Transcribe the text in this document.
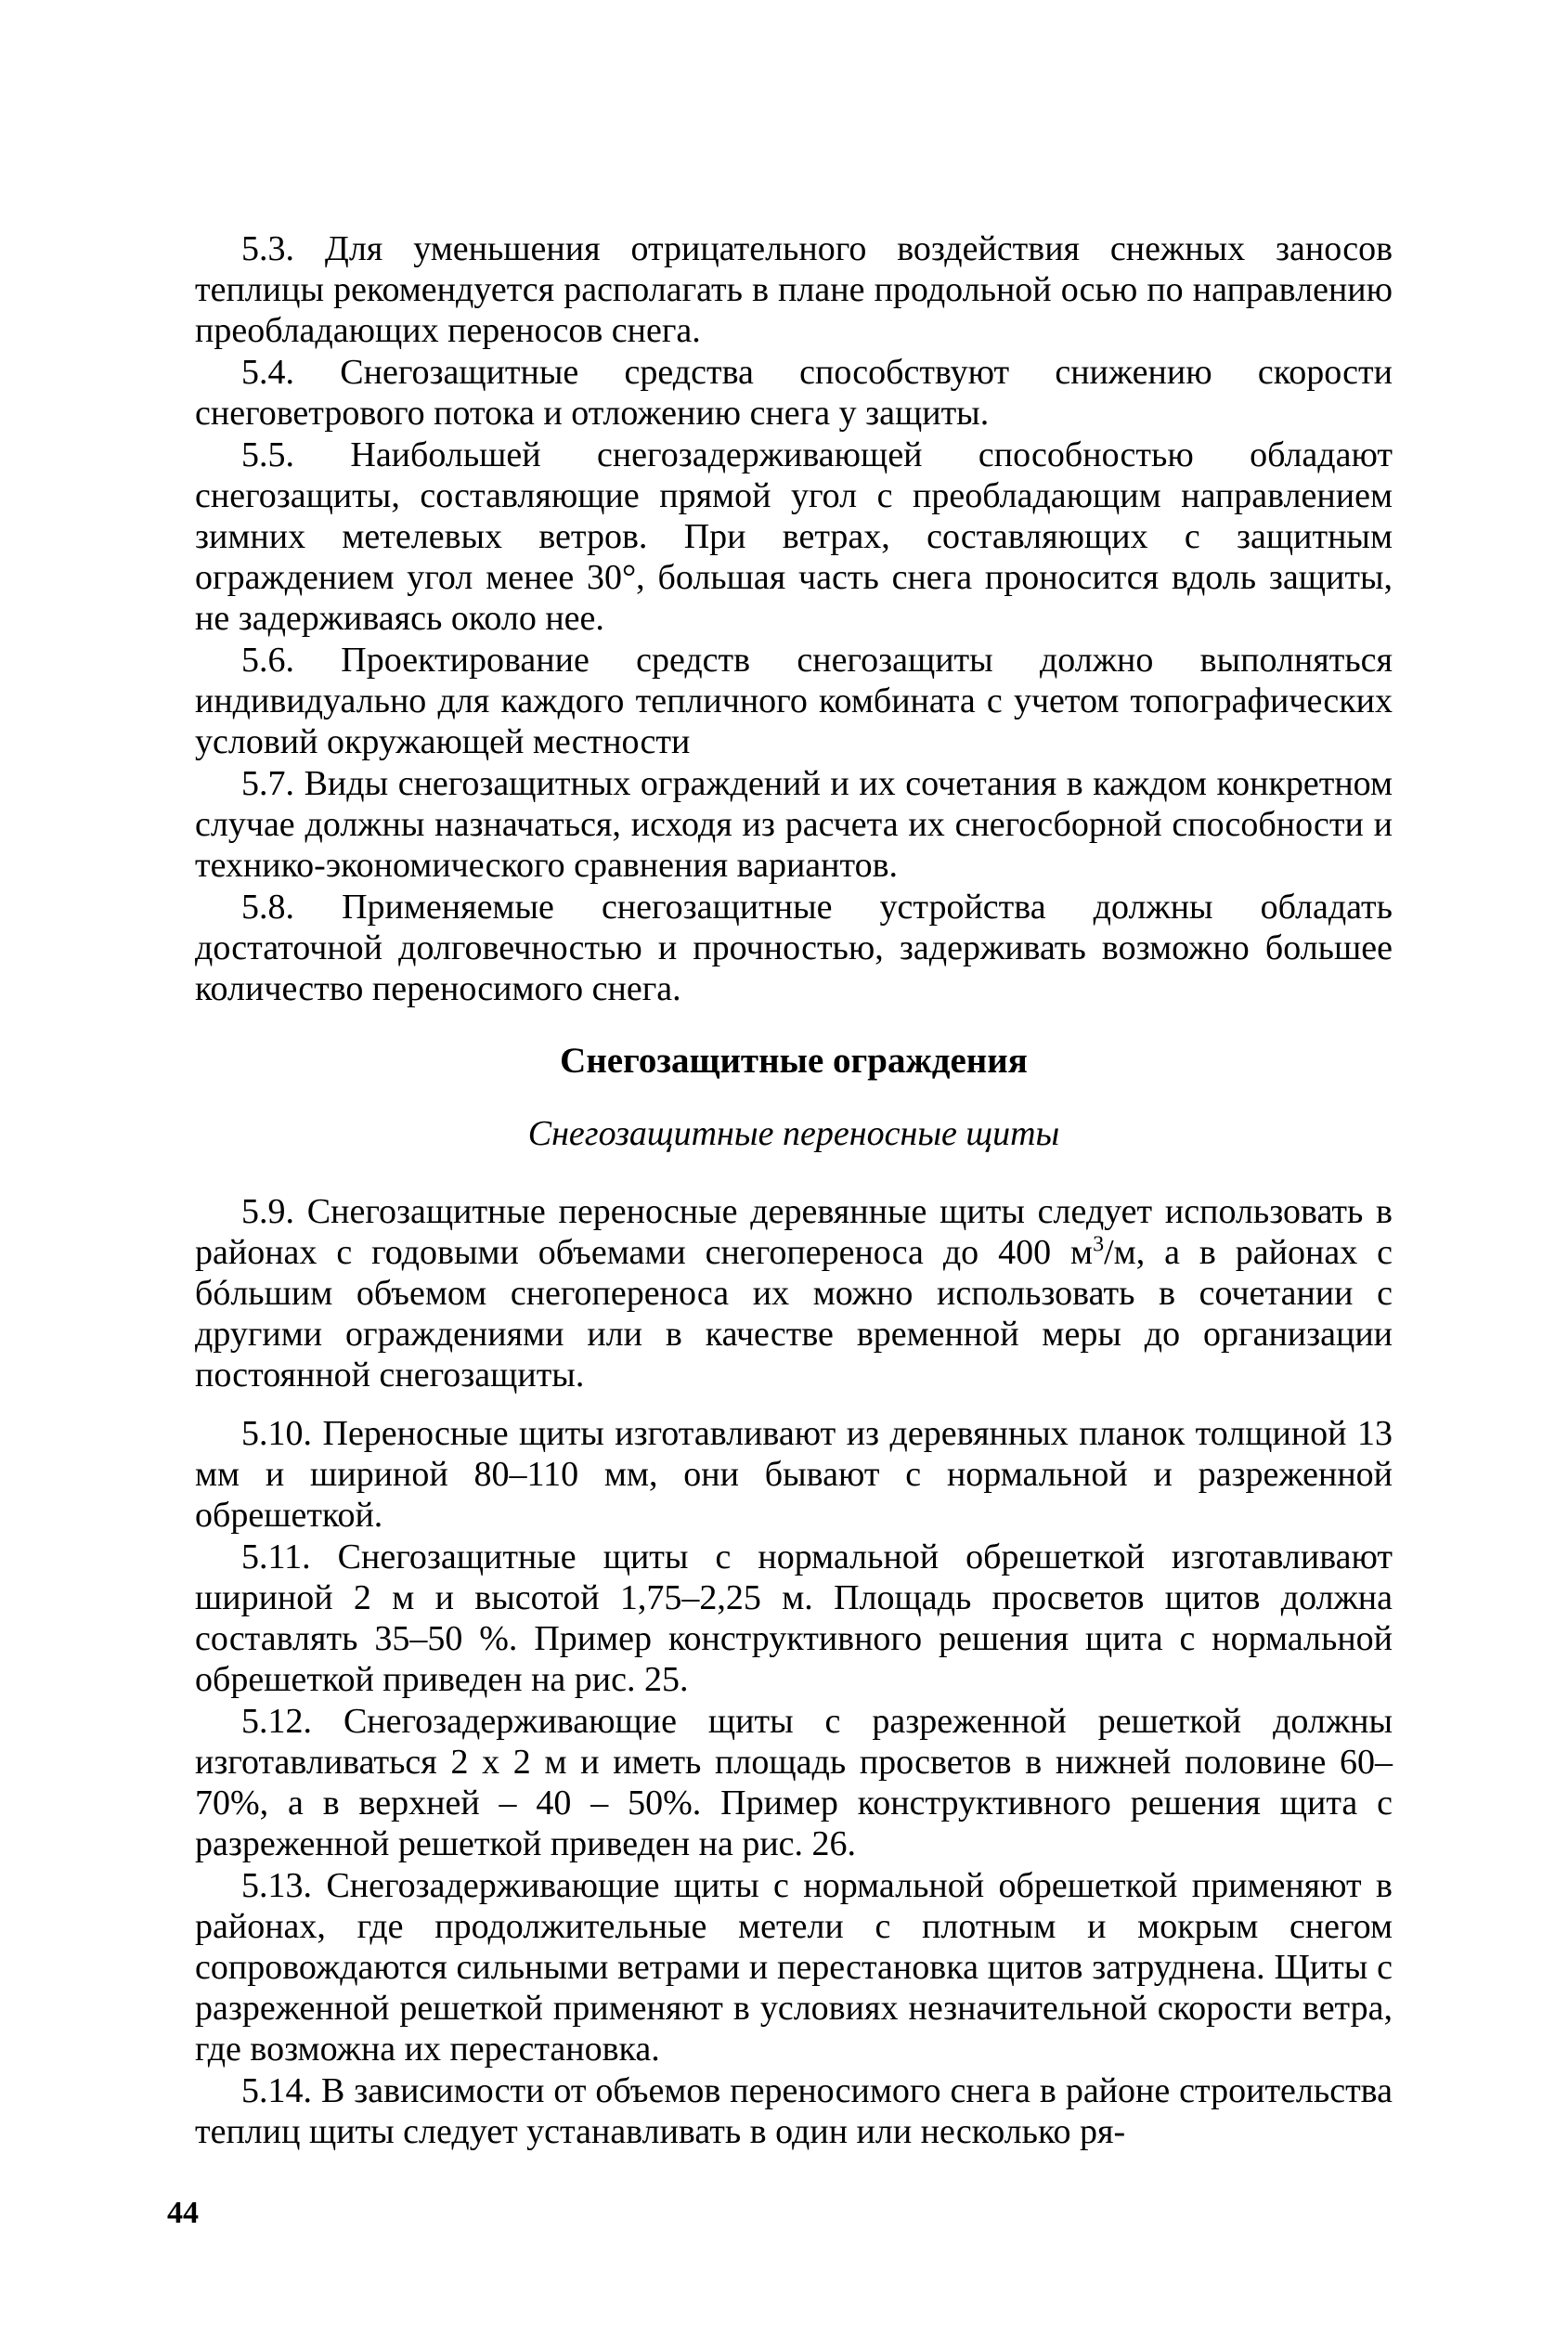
5.3. Для уменьшения отрицательного воздействия снежных заносов теплицы рекомендуется располагать в плане продольной осью по направлению преобладающих переносов снега.

5.4. Снегозащитные средства способствуют снижению скорости снеговетрового потока и отложению снега у защиты.

5.5. Наибольшей снегозадерживающей способностью обладают снегозащиты, составляющие прямой угол с преобладающим направлением зимних метелевых ветров. При ветрах, составляющих с защитным ограждением угол менее 30°, большая часть снега проносится вдоль защиты, не задерживаясь около нее.

5.6. Проектирование средств снегозащиты должно выполняться индивидуально для каждого тепличного комбината с учетом топографических условий окружающей местности

5.7. Виды снегозащитных ограждений и их сочетания в каждом конкретном случае должны назначаться, исходя из расчета их снегосборной способности и технико-экономического сравнения вариантов.

5.8. Применяемые снегозащитные устройства должны обладать достаточной долговечностью и прочностью, задерживать возможно большее количество переносимого снега.

Снегозащитные ограждения
Снегозащитные переносные щиты

5.9. Снегозащитные переносные деревянные щиты следует использовать в районах с годовыми объемами снегопереноса до 400 $м^3/м$, а в районах с бóльшим объемом снегопереноса их можно использовать в сочетании с другими ограждениями или в качестве временной меры до организации постоянной снегозащиты.

5.10. Переносные щиты изготавливают из деревянных планок толщиной 13 мм и шириной 80–110 мм, они бывают с нормальной и разреженной обрешеткой.

5.11. Снегозащитные щиты с нормальной обрешеткой изготавливают шириной 2 м и высотой 1,75–2,25 м. Площадь просветов щитов должна составлять 35–50 %. Пример конструктивного решения щита с нормальной обрешеткой приведен на рис. 25.

5.12. Снегозадерживающие щиты с разреженной решеткой должны изготавливаться 2 x 2 м и иметь площадь просветов в нижней половине 60–70%, а в верхней – 40 – 50%. Пример конструктивного решения щита с разреженной решеткой приведен на рис. 26.

5.13. Снегозадерживающие щиты с нормальной обрешеткой применяют в районах, где продолжительные метели с плотным и мокрым снегом сопровождаются сильными ветрами и перестановка щитов затруднена. Щиты с разреженной решеткой применяют в условиях незначительной скорости ветра, где возможна их перестановка.

5.14. В зависимости от объемов переносимого снега в районе строительства теплиц щиты следует устанавливать в один или несколько ря-

44
